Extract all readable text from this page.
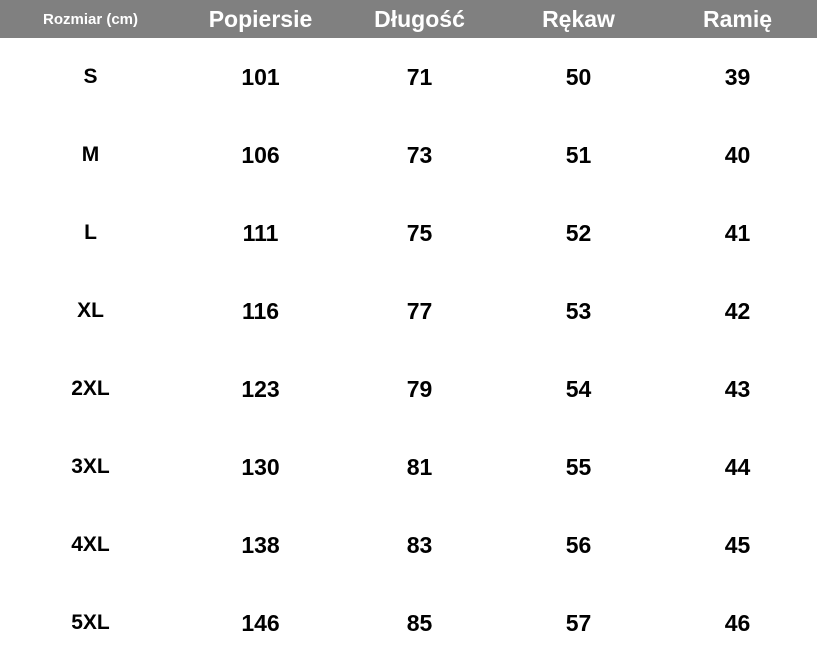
Rozmiar (cm)	Popiersie	Długość	Rękaw	Ramię
S	101	71	50	39
M	106	73	51	40
L	111	75	52	41
XL	116	77	53	42
2XL	123	79	54	43
3XL	130	81	55	44
4XL	138	83	56	45
5XL	146	85	57	46
